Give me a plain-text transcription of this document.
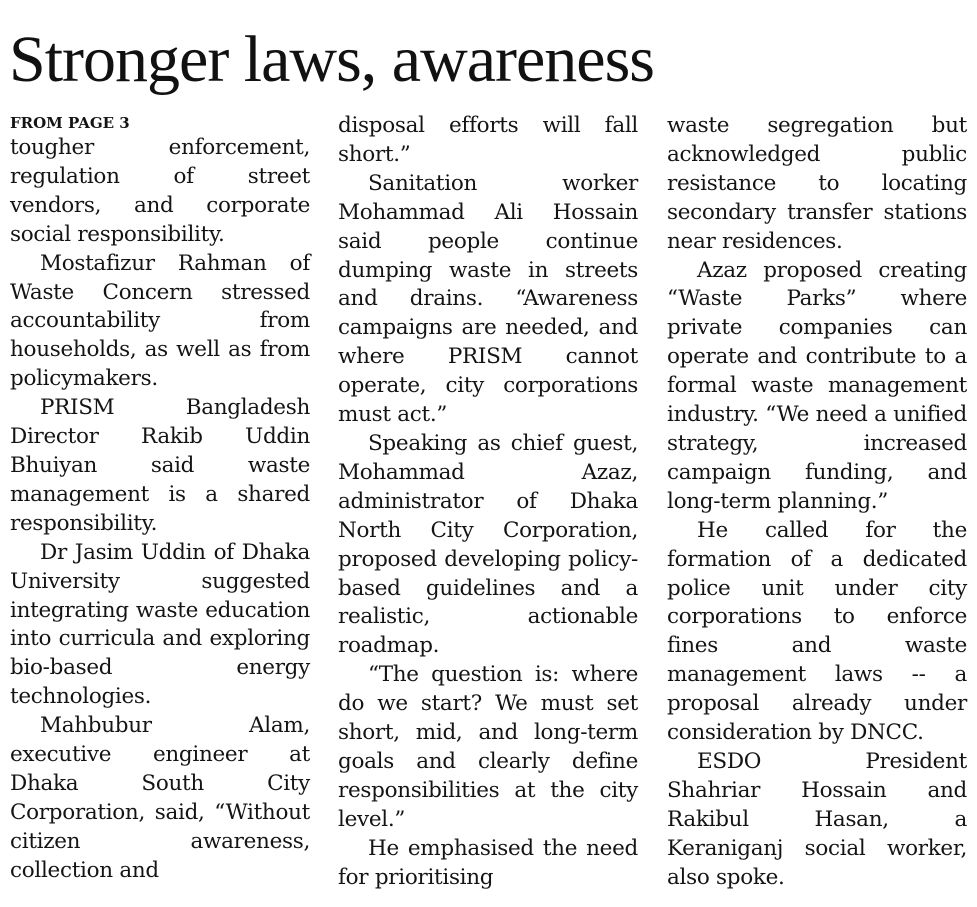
Stronger laws, awareness
FROM PAGE 3

tougher enforcement, regulation of street vendors, and corporate social responsibility.

Mostafizur Rahman of Waste Concern stressed accountability from households, as well as from policymakers.

PRISM Bangladesh Director Rakib Uddin Bhuiyan said waste management is a shared responsibility.

Dr Jasim Uddin of Dhaka University suggested integrating waste education into curricula and exploring bio-based energy technologies.

Mahbubur Alam, executive engineer at Dhaka South City Corporation, said, “Without citizen awareness, collection and

disposal efforts will fall short.”

Sanitation worker Mohammad Ali Hossain said people continue dumping waste in streets and drains. “Awareness campaigns are needed, and where PRISM cannot operate, city corporations must act.”

Speaking as chief guest, Mohammad Azaz, administrator of Dhaka North City Corporation, proposed developing policy-based guidelines and a realistic, actionable roadmap.

“The question is: where do we start? We must set short, mid, and long-term goals and clearly define responsibilities at the city level.”

He emphasised the need for prioritising

waste segregation but acknowledged public resistance to locating secondary transfer stations near residences.

Azaz proposed creating “Waste Parks” where private companies can operate and contribute to a formal waste management industry. “We need a unified strategy, increased campaign funding, and long-term planning.”

He called for the formation of a dedicated police unit under city corporations to enforce fines and waste management laws -- a proposal already under consideration by DNCC.

ESDO President Shahriar Hossain and Rakibul Hasan, a Keraniganj social worker, also spoke.
